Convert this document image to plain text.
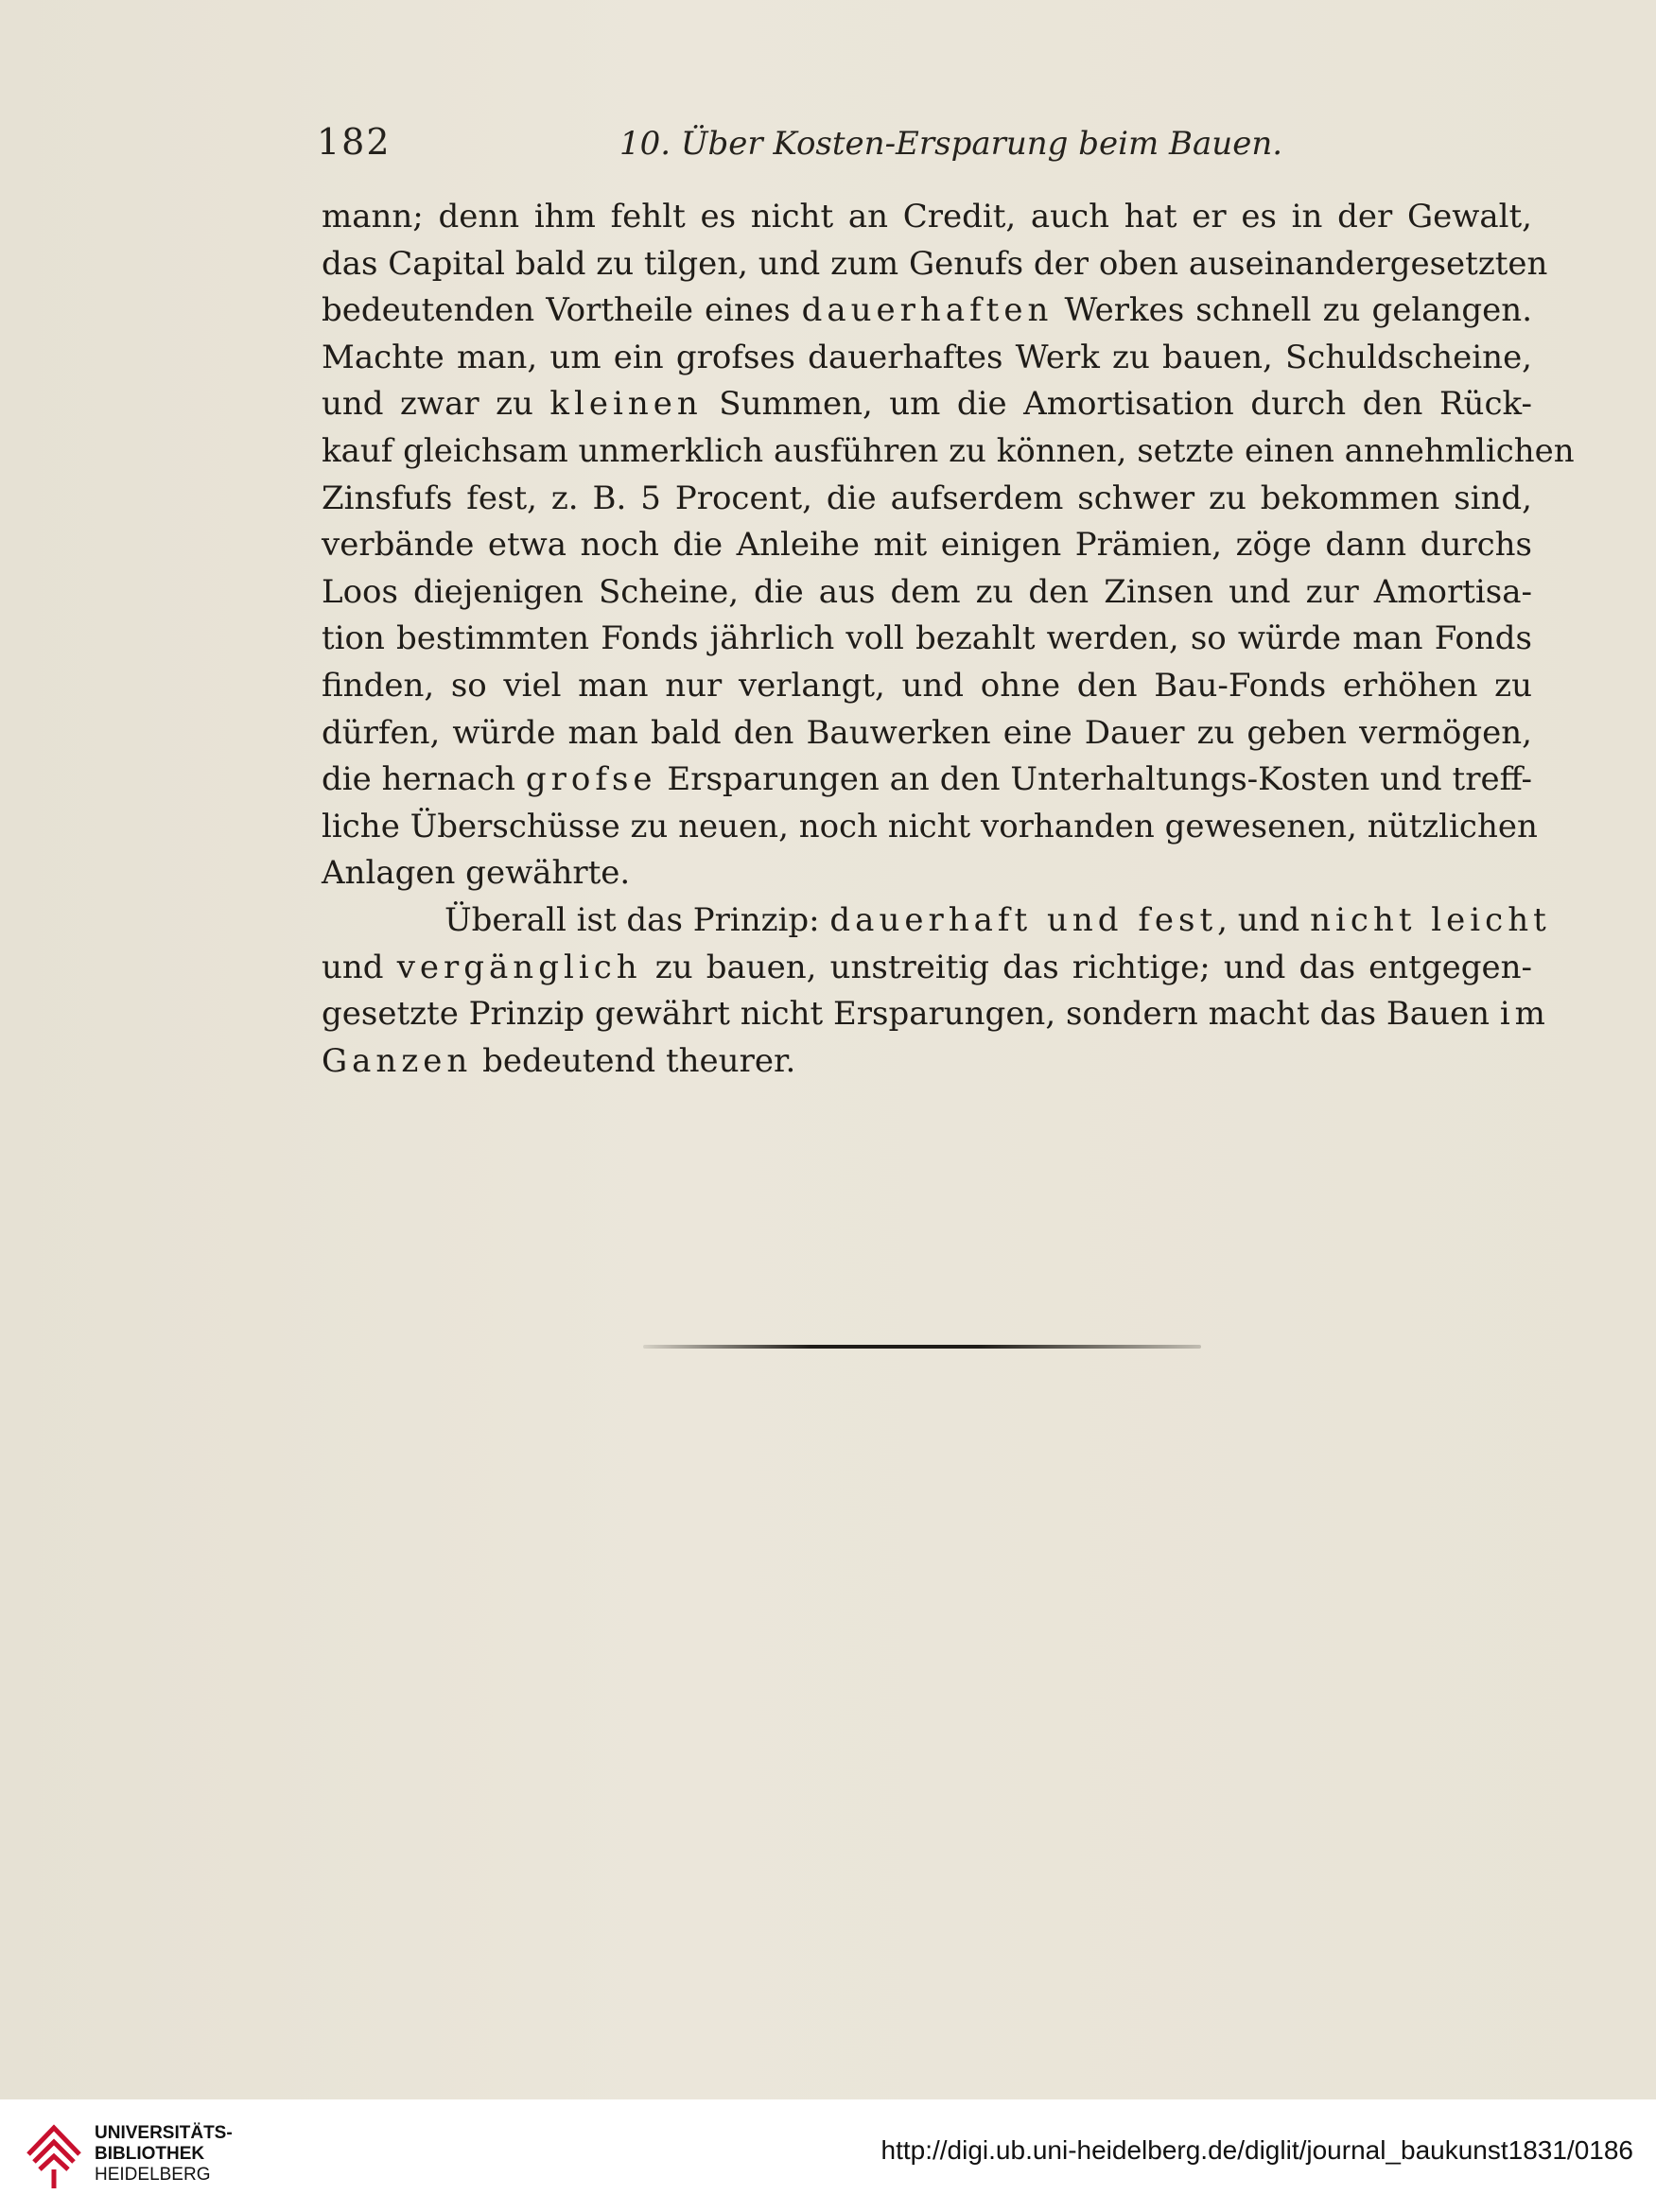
182	10. Über Kosten-Ersparung beim Bauen.
mann; denn ihm fehlt es nicht an Credit, auch hat er es in der Gewalt,
das Capital bald zu tilgen, und zum Genufs der oben auseinandergesetzten
bedeutenden Vortheile eines dauerhaften Werkes schnell zu gelangen.
Machte man, um ein grofses dauerhaftes Werk zu bauen, Schuldscheine,
und zwar zu kleinen Summen, um die Amortisation durch den Rück-
kauf gleichsam unmerklich ausführen zu können, setzte einen annehmlichen
Zinsfufs fest, z. B. 5 Procent, die aufserdem schwer zu bekommen sind,
verbände etwa noch die Anleihe mit einigen Prämien, zöge dann durchs
Loos diejenigen Scheine, die aus dem zu den Zinsen und zur Amortisa-
tion bestimmten Fonds jährlich voll bezahlt werden, so würde man Fonds
finden, so viel man nur verlangt, und ohne den Bau-Fonds erhöhen zu
dürfen, würde man bald den Bauwerken eine Dauer zu geben vermögen,
die hernach grofse Ersparungen an den Unterhaltungs-Kosten und treff-
liche Überschüsse zu neuen, noch nicht vorhanden gewesenen, nützlichen
Anlagen gewährte.
Überall ist das Prinzip: dauerhaft und fest, und nicht leicht
und vergänglich zu bauen, unstreitig das richtige; und das entgegen-
gesetzte Prinzip gewährt nicht Ersparungen, sondern macht das Bauen im
Ganzen bedeutend theurer.
UNIVERSITÄTS-
BIBLIOTHEK
HEIDELBERG
http://digi.ub.uni-heidelberg.de/diglit/journal_baukunst1831/0186
